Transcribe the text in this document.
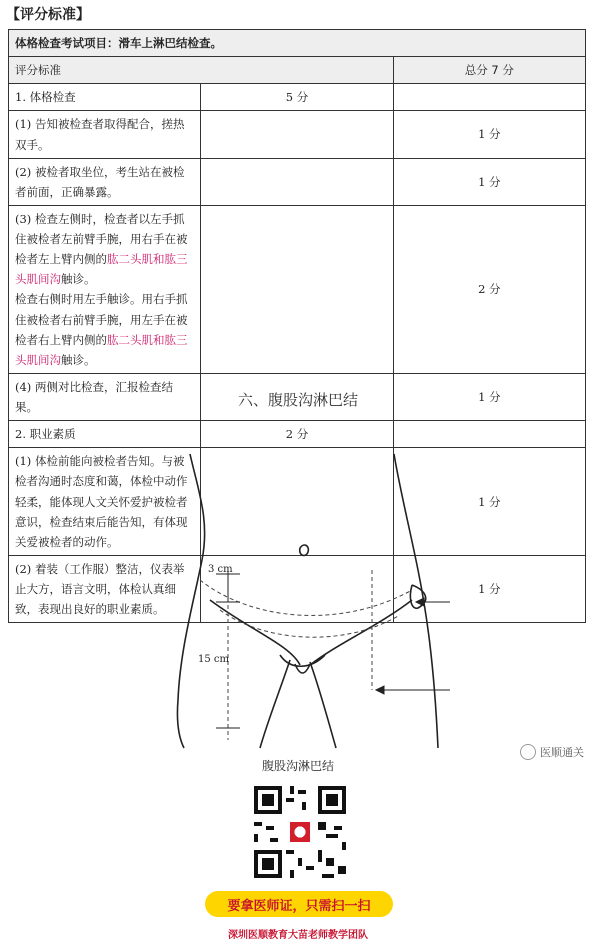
【评分标准】
体格检查考试项目：滑车上淋巴结检查。		
评分标准		总分 7 分
1. 体格检查	5 分	
(1) 告知被检查者取得配合，搓热双手。		1 分
(2) 被检者取坐位，考生站在被检者前面，正确暴露。		1 分
(3) 检查左侧时，检查者以左手抓住被检者左前臂手腕，用右手在被检者左上臂内侧的肱二头肌和肱三头肌间沟触诊。
检查右侧时用左手触诊。用右手抓住被检者右前臂手腕，用左手在被检者右上臂内侧的肱二头肌和肱三头肌间沟触诊。		2 分
(4) 两侧对比检查，汇报检查结果。		1 分
2. 职业素质	2 分	
(1) 体检前能向被检者告知。与被检者沟通时态度和蔼，体检中动作轻柔，能体现人文关怀爱护被检者意识，检查结束后能告知，有体现关爱被检者的动作。		1 分
(2) 着装（工作服）整洁，仪表举止大方，语言文明，体检认真细致，表现出良好的职业素质。		1 分
六、腹股沟淋巴结
3 cm
15 cm
腹股沟淋巴结
医顺通关
要拿医师证，只需扫一扫
深圳医顺教育大苗老师教学团队
